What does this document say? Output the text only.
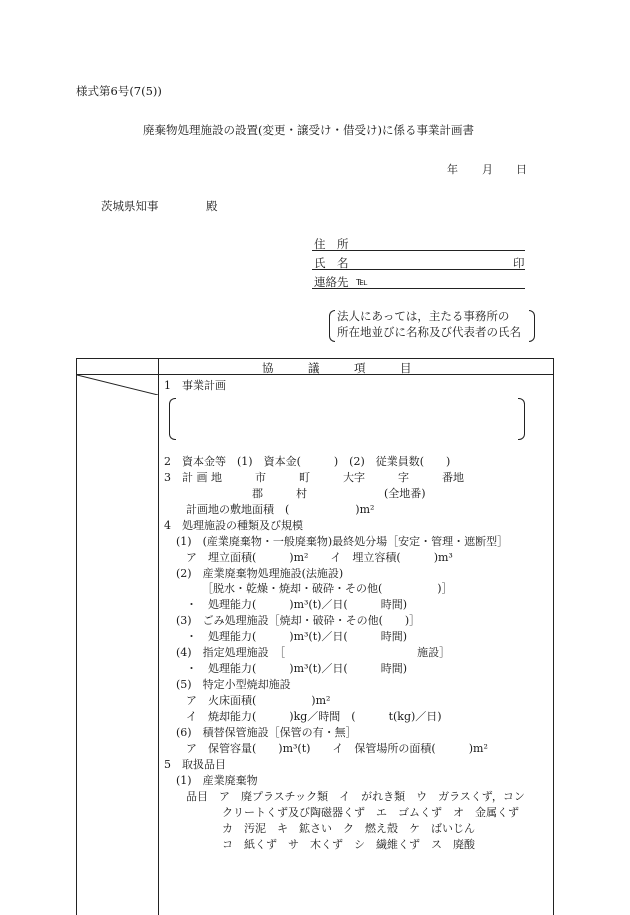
様式第6号(7(5))
廃棄物処理施設の設置(変更・譲受け・借受け)に係る事業計画書
年 月 日
茨城県知事	殿
住　所
氏　名	印
連絡先 ℡
法人にあっては，主たる事務所の
所在地並びに名称及び代表者の氏名
協　　　議　　　項　　　目
1　事業計画
2　資本金等　(1)　資本金(　　　)　(2)　従業員数(　　)
3　計 画 地　　　市　　　町　　　大字　　　字　　　番地
　　　　　　　　郡　　　村　　　　　　　(全地番)
　　計画地の敷地面積　(　　　　　　)m²
4　処理施設の種類及び規模
(1)　(産業廃棄物・一般廃棄物)最終処分場［安定・管理・遮断型］
ア　埋立面積(　　　)m²　　イ　埋立容積(　　　)m³
(2)　産業廃棄物処理施設(法施設)
［脱水・乾燥・焼却・破砕・その他(　　　　　)］
・　処理能力(　　　)m³(t)／日(　　　時間)
(3)　ごみ処理施設［焼却・破砕・その他(　　)］
・　処理能力(　　　)m³(t)／日(　　　時間)
(4)　指定処理施設　［　　　　　　　　　　　　施設］
・　処理能力(　　　)m³(t)／日(　　　時間)
(5)　特定小型焼却施設
ア　火床面積(　　　　　)m²
イ　焼却能力(　　　)kg／時間　(　　　t(kg)／日)
(6)　積替保管施設［保管の有・無］
ア　保管容量(　　)m³(t)　　イ　保管場所の面積(　　　)m²
5　取扱品目
(1)　産業廃棄物
品目　ア　廃プラスチック類　イ　がれき類　ウ　ガラスくず，コン
クリートくず及び陶磁器くず　エ　ゴムくず　オ　金属くず
カ　汚泥　キ　鉱さい　ク　燃え殻　ケ　ばいじん
コ　紙くず　サ　木くず　シ　繊維くず　ス　廃酸
